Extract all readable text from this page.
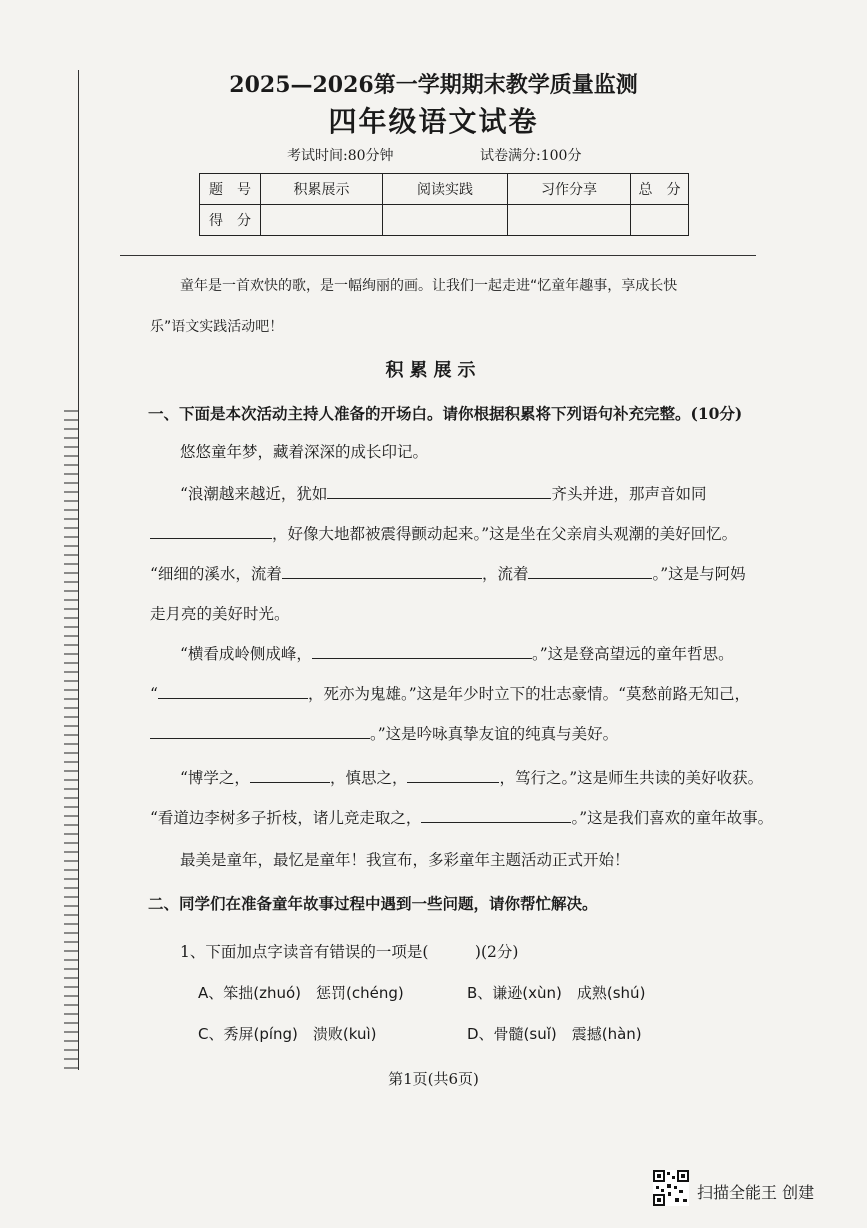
2025—2026第一学期期末教学质量监测
四年级语文试卷
考试时间:80分钟	试卷满分:100分
题　号	积累展示	阅读实践	习作分享	总　分
得　分				
童年是一首欢快的歌，是一幅绚丽的画。让我们一起走进“忆童年趣事，享成长快
乐”语文实践活动吧！
积累展示
一、下面是本次活动主持人准备的开场白。请你根据积累将下列语句补充完整。(10分)
悠悠童年梦，藏着深深的成长印记。
“浪潮越来越近，犹如	齐头并进，那声音如同
，好像大地都被震得颤动起来。”这是坐在父亲肩头观潮的美好回忆。
“细细的溪水，流着	，流着	。”这是与阿妈
走月亮的美好时光。
“横看成岭侧成峰，	。”这是登高望远的童年哲思。
“	，死亦为鬼雄。”这是年少时立下的壮志豪情。“莫愁前路无知己，
。”这是吟咏真挚友谊的纯真与美好。
“博学之，	，慎思之，	，笃行之。”这是师生共读的美好收获。
“看道边李树多子折枝，诸儿竞走取之，	。”这是我们喜欢的童年故事。
最美是童年，最忆是童年！我宣布，多彩童年主题活动正式开始！
二、同学们在准备童年故事过程中遇到一些问题，请你帮忙解决。
1、下面加点字读音有错误的一项是(　　　)(2分)
A、笨拙(zhuó)　惩罚(chéng)	B、谦逊(xùn)　成熟(shú)
C、秀屏(píng)　溃败(kuì)	D、骨髓(suǐ)　震撼(hàn)
第1页(共6页)
扫描全能王 创建
